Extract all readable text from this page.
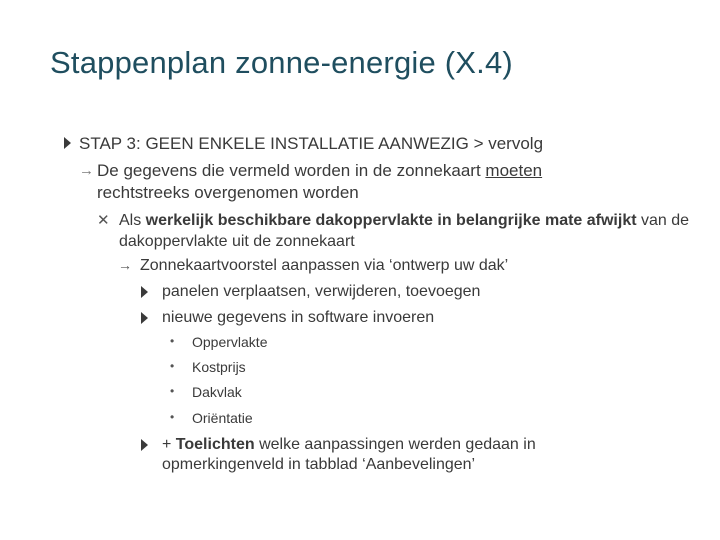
Stappenplan zonne-energie (X.4)
STAP 3: GEEN ENKELE INSTALLATIE AANWEZIG > vervolg
→ De gegevens die vermeld worden in de zonnekaart moeten rechtstreeks overgenomen worden
✕ Als werkelijk beschikbare dakoppervlakte in belangrijke mate afwijkt van de dakoppervlakte uit de zonnekaart
→ Zonnekaartvoorstel aanpassen via ‘ontwerp uw dak’
panelen verplaatsen, verwijderen, toevoegen
nieuwe gegevens in software invoeren
•	Oppervlakte
•	Kostprijs
•	Dakvlak
•	Oriëntatie
+ Toelichten welke aanpassingen werden gedaan in opmerkingenveld in tabblad ‘Aanbevelingen’
